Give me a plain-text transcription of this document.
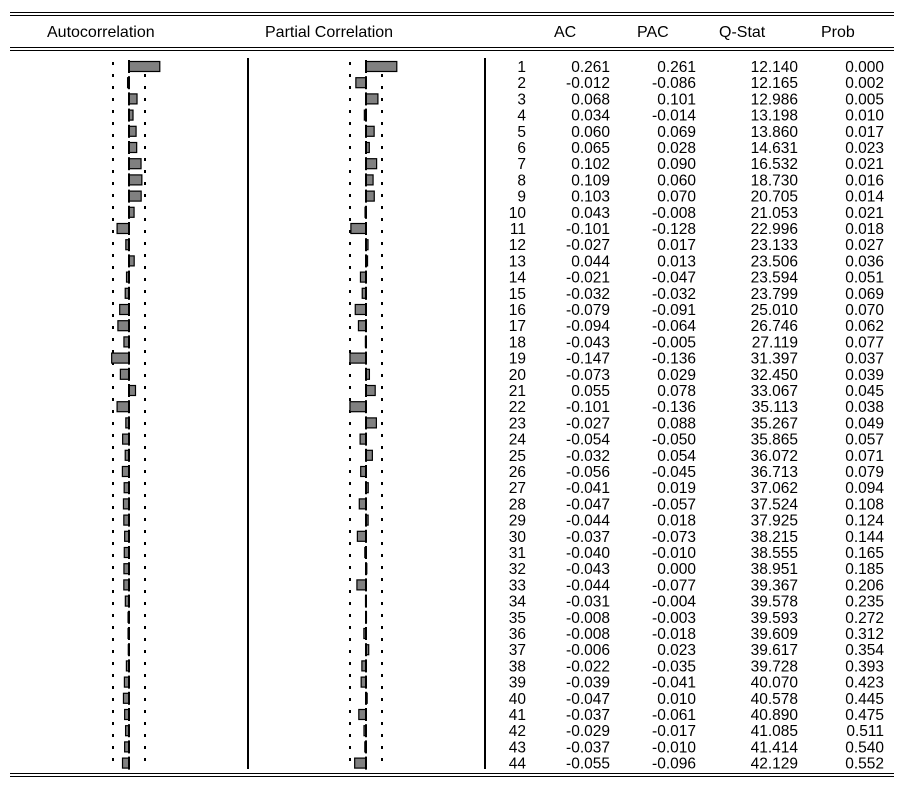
Autocorrelation	Partial Correlation	AC	PAC	Q-Stat	Prob
1	0.261	0.261	12.140	0.000
2	-0.012	-0.086	12.165	0.002
3	0.068	0.101	12.986	0.005
4	0.034	-0.014	13.198	0.010
5	0.060	0.069	13.860	0.017
6	0.065	0.028	14.631	0.023
7	0.102	0.090	16.532	0.021
8	0.109	0.060	18.730	0.016
9	0.103	0.070	20.705	0.014
10	0.043	-0.008	21.053	0.021
11	-0.101	-0.128	22.996	0.018
12	-0.027	0.017	23.133	0.027
13	0.044	0.013	23.506	0.036
14	-0.021	-0.047	23.594	0.051
15	-0.032	-0.032	23.799	0.069
16	-0.079	-0.091	25.010	0.070
17	-0.094	-0.064	26.746	0.062
18	-0.043	-0.005	27.119	0.077
19	-0.147	-0.136	31.397	0.037
20	-0.073	0.029	32.450	0.039
21	0.055	0.078	33.067	0.045
22	-0.101	-0.136	35.113	0.038
23	-0.027	0.088	35.267	0.049
24	-0.054	-0.050	35.865	0.057
25	-0.032	0.054	36.072	0.071
26	-0.056	-0.045	36.713	0.079
27	-0.041	0.019	37.062	0.094
28	-0.047	-0.057	37.524	0.108
29	-0.044	0.018	37.925	0.124
30	-0.037	-0.073	38.215	0.144
31	-0.040	-0.010	38.555	0.165
32	-0.043	0.000	38.951	0.185
33	-0.044	-0.077	39.367	0.206
34	-0.031	-0.004	39.578	0.235
35	-0.008	-0.003	39.593	0.272
36	-0.008	-0.018	39.609	0.312
37	-0.006	0.023	39.617	0.354
38	-0.022	-0.035	39.728	0.393
39	-0.039	-0.041	40.070	0.423
40	-0.047	0.010	40.578	0.445
41	-0.037	-0.061	40.890	0.475
42	-0.029	-0.017	41.085	0.511
43	-0.037	-0.010	41.414	0.540
44	-0.055	-0.096	42.129	0.552
